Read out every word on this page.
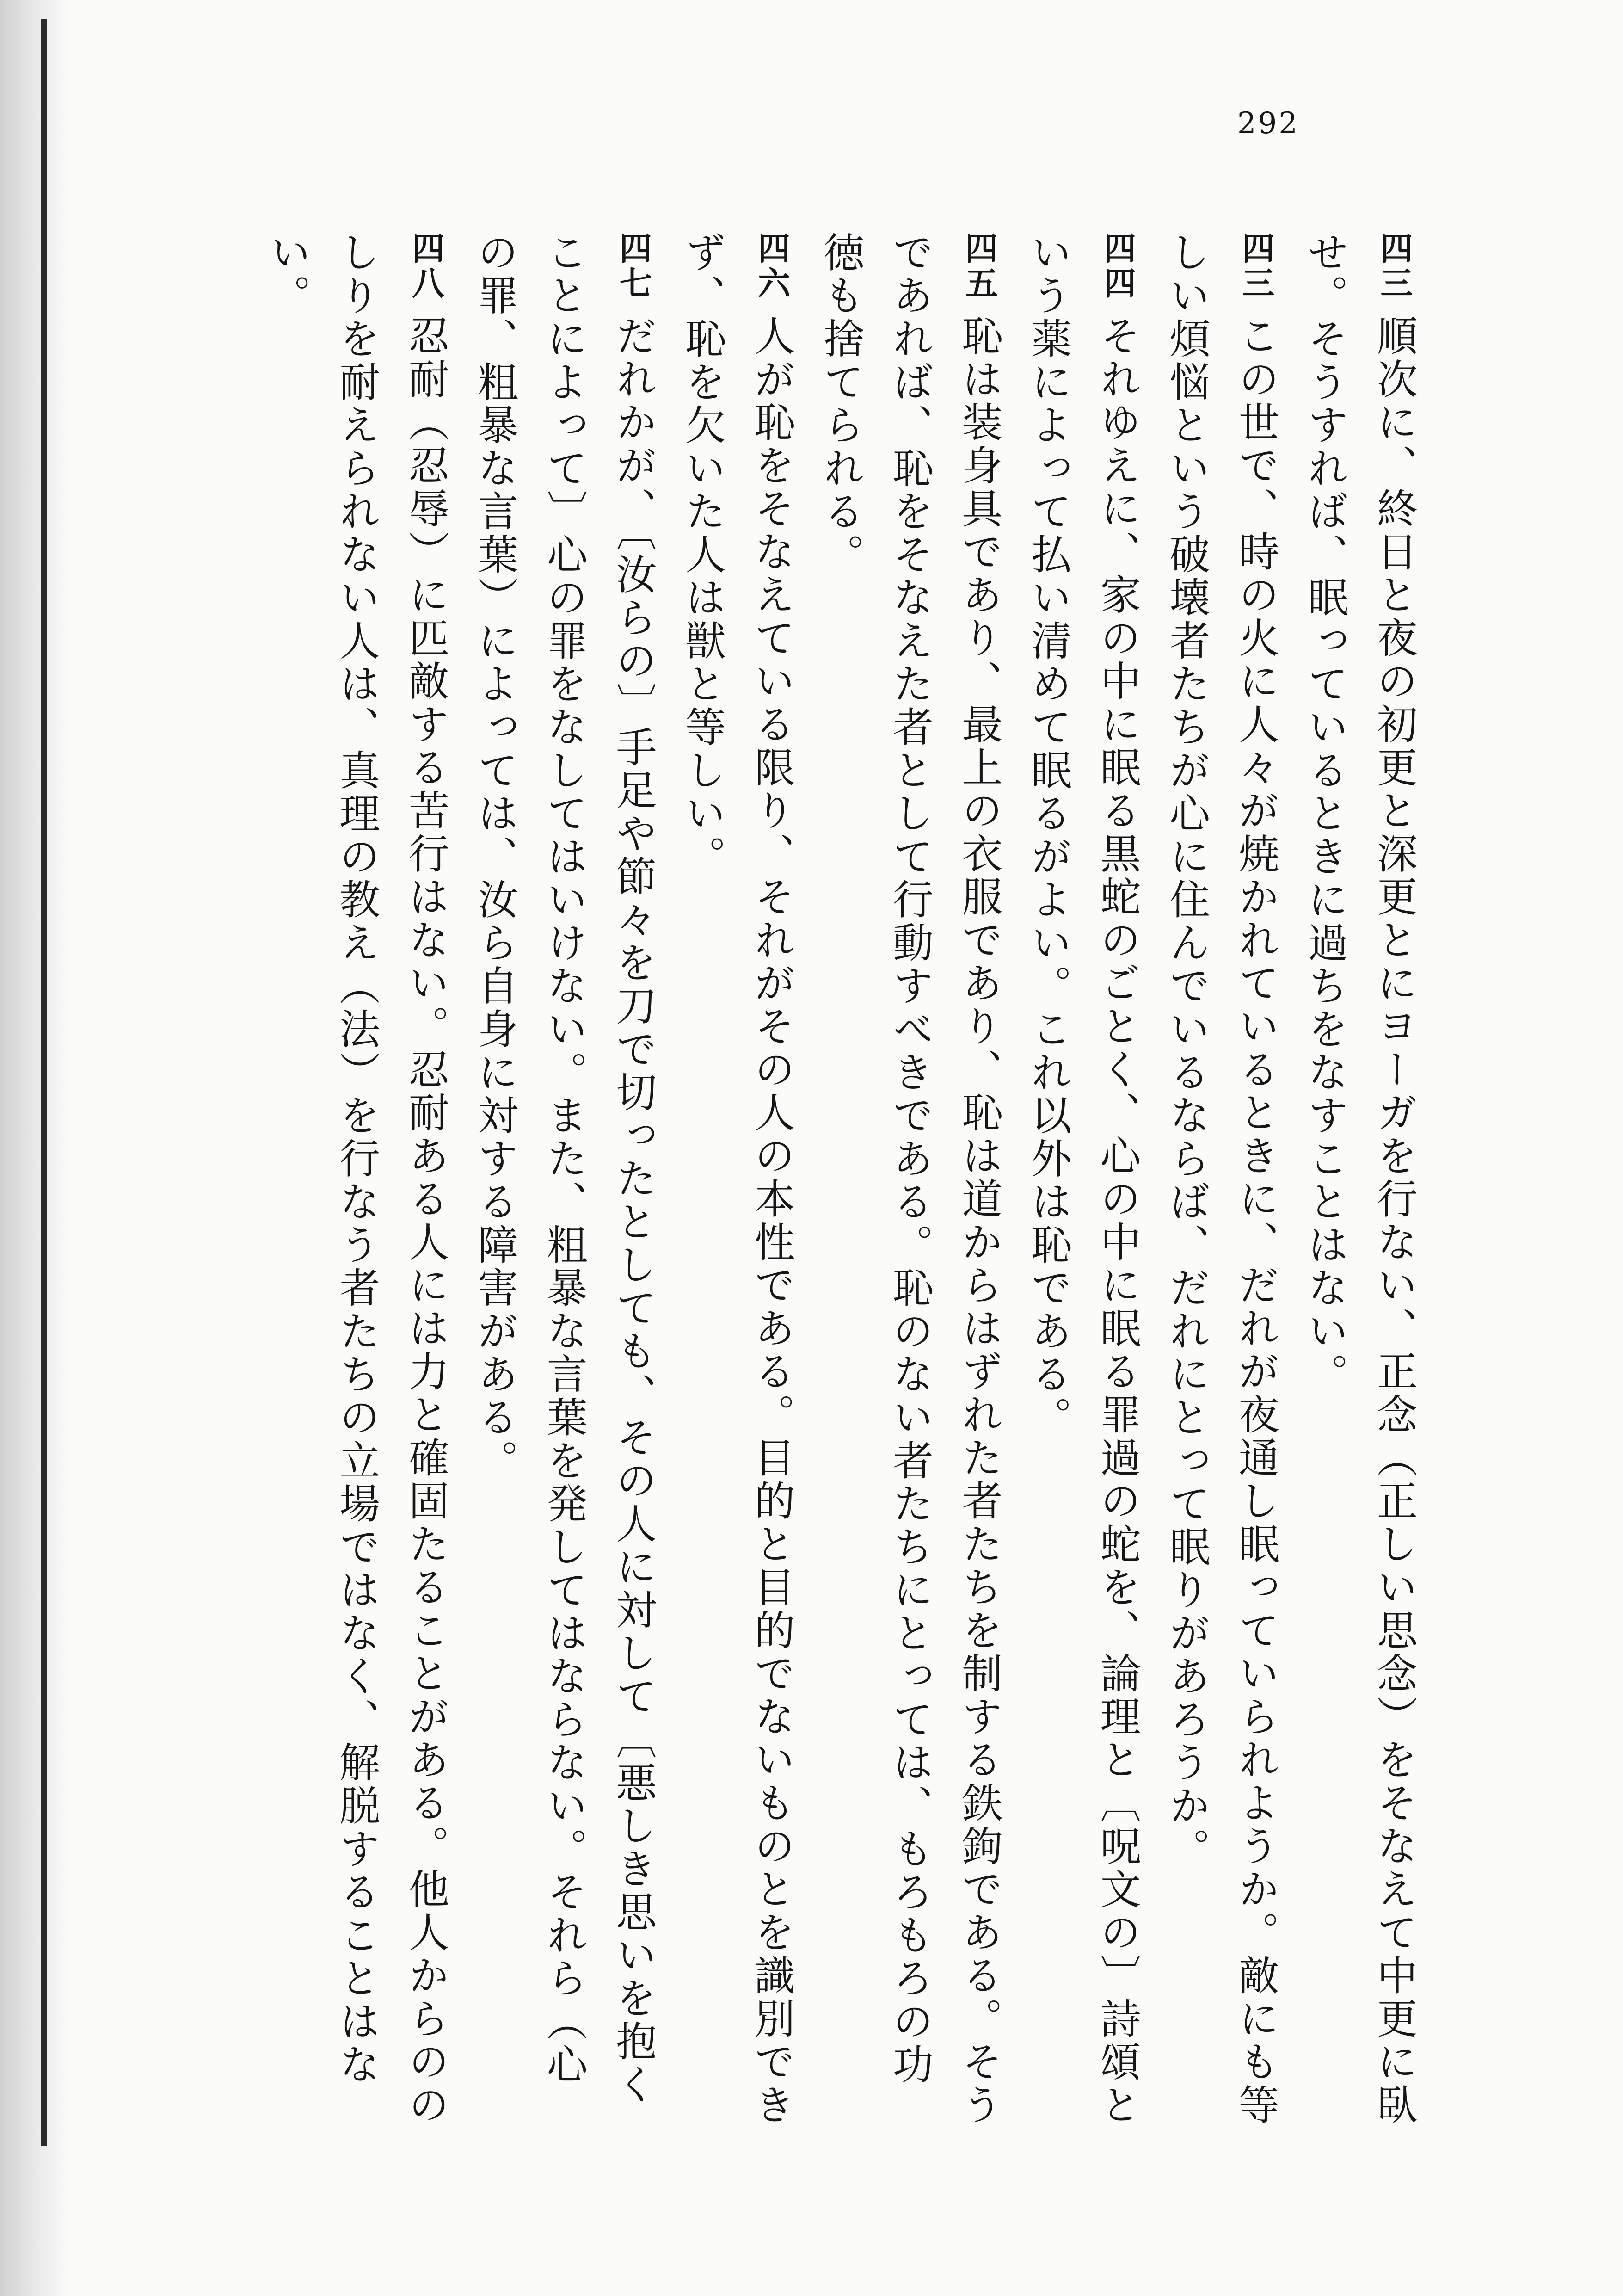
292

四三順次に、終日と夜の初更と深更とにヨーガを行ない、正念（正しい思念）をそなえて中更に臥せ。そうすれば、眠っているときに過ちをなすことはない。

四三この世で、時の火に人々が焼かれているときに、だれが夜通し眠っていられようか。敵にも等しい煩悩という破壊者たちが心に住んでいるならば、だれにとって眠りがあろうか。

四四それゆえに、家の中に眠る黒蛇のごとく、心の中に眠る罪過の蛇を、論理と〔呪文の〕詩頌という薬によって払い清めて眠るがよい。これ以外は恥である。

四五恥は装身具であり、最上の衣服であり、恥は道からはずれた者たちを制する鉄鉤である。そうであれば、恥をそなえた者として行動すべきである。恥のない者たちにとっては、もろもろの功徳も捨てられる。

四六人が恥をそなえている限り、それがその人の本性である。目的と目的でないものとを識別できず、恥を欠いた人は獣と等しい。

四七だれかが、〔汝らの〕手足や節々を刀で切ったとしても、その人に対して〔悪しき思いを抱くことによって〕心の罪をなしてはいけない。また、粗暴な言葉を発してはならない。それら（心の罪、粗暴な言葉）によっては、汝ら自身に対する障害がある。

四八忍耐（忍辱）に匹敵する苦行はない。忍耐ある人には力と確固たることがある。他人からののしりを耐えられない人は、真理の教え（法）を行なう者たちの立場ではなく、解脱することはない。
